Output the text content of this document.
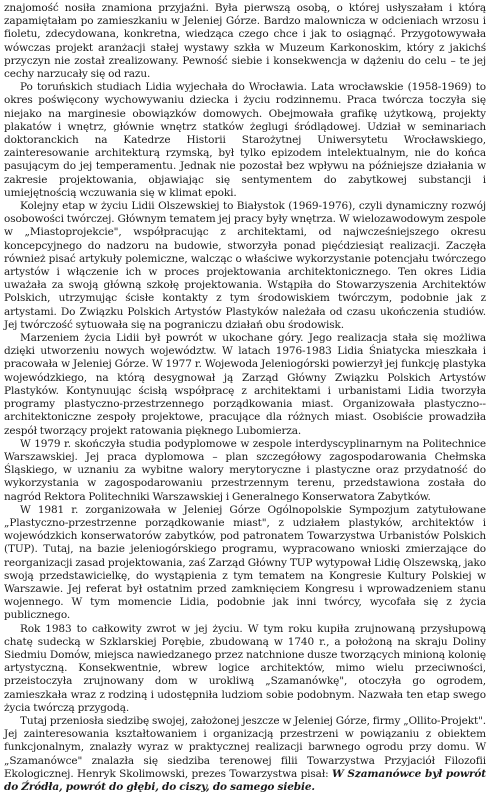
znajomość nosiła znamiona przyjaźni. Była pierwszą osobą, o której usłyszałam i którą zapamiętałam po zamieszkaniu w Jeleniej Górze. Bardzo malownicza w odcieniach wrzosu i fioletu, zdecydowana, konkretna, wiedząca czego chce i jak to osiągnąć. Przygotowywała wówczas projekt aranżacji stałej wystawy szkła w Muzeum Karkonoskim, który z jakichś przyczyn nie został zrealizowany. Pewność siebie i konsekwencja w dążeniu do celu – te jej cechy narzucały się od razu.

Po toruńskich studiach Lidia wyjechała do Wrocławia. Lata wrocławskie (1958-1969) to okres poświęcony wychowywaniu dziecka i życiu rodzinnemu. Praca twórcza toczyła się niejako na marginesie obowiązków domowych. Obejmowała grafikę użytkową, projekty plakatów i wnętrz, głównie wnętrz statków żeglugi śródlądowej. Udział w seminariach doktoranckich na Katedrze Historii Starożytnej Uniwersytetu Wrocławskiego, zainteresowanie architekturą rzymską, był tylko epizodem intelektualnym, nie do końca pasującym do jej temperamentu. Jednak nie pozostał bez wpływu na późniejsze działania w zakresie projektowania, objawiając się sentymentem do zabytkowej substancji i umiejętnością wczuwania się w klimat epoki.

Kolejny etap w życiu Lidii Olszewskiej to Białystok (1969-1976), czyli dynamiczny rozwój osobowości twórczej. Głównym tematem jej pracy były wnętrza. W wielozawodowym zespole w „Miastoprojekcie", współpracując z architektami, od najwcześniejszego okresu koncepcyjnego do nadzoru na budowie, stworzyła ponad pięćdziesiąt realizacji. Zaczęła również pisać artykuły polemiczne, walcząc o właściwe wykorzystanie potencjału twórczego artystów i włączenie ich w proces projektowania architektonicznego. Ten okres Lidia uważała za swoją główną szkołę projektowania. Wstąpiła do Stowarzyszenia Architektów Polskich, utrzymując ścisłe kontakty z tym środowiskiem twórczym, podobnie jak z artystami. Do Związku Polskich Artystów Plastyków należała od czasu ukończenia studiów. Jej twórczość sytuowała się na pograniczu działań obu środowisk.

Marzeniem życia Lidii był powrót w ukochane góry. Jego realizacja stała się możliwa dzięki utworzeniu nowych województw. W latach 1976-1983 Lidia Śniatycka mieszkała i pracowała w Jeleniej Górze. W 1977 r. Wojewoda Jeleniogórski powierzył jej funkcję plastyka wojewódzkiego, na którą desygnował ją Zarząd Główny Związku Polskich Artystów Plastyków. Kontynuując ścisłą współpracę z architektami i urbanistami Lidia tworzyła programy plastyczno-przestrzennego porządkowania miast. Organizowała plastyczno--architektoniczne zespoły projektowe, pracujące dla różnych miast. Osobiście prowadziła zespół tworzący projekt ratowania pięknego Lubomierza.

W 1979 r. skończyła studia podyplomowe w zespole interdyscyplinarnym na Politechnice Warszawskiej. Jej praca dyplomowa – plan szczegółowy zagospodarowania Chełmska Śląskiego, w uznaniu za wybitne walory merytoryczne i plastyczne oraz przydatność do wykorzystania w zagospodarowaniu przestrzennym terenu, przedstawiona została do nagród Rektora Politechniki Warszawskiej i Generalnego Konserwatora Zabytków.

W 1981 r. zorganizowała w Jeleniej Górze Ogólnopolskie Sympozjum zatytułowane „Plastyczno-przestrzenne porządkowanie miast", z udziałem plastyków, architektów i wojewódzkich konserwatorów zabytków, pod patronatem Towarzystwa Urbanistów Polskich (TUP). Tutaj, na bazie jeleniogórskiego programu, wypracowano wnioski zmierzające do reorganizacji zasad projektowania, zaś Zarząd Główny TUP wytypował Lidię Olszewską, jako swoją przedstawicielkę, do wystąpienia z tym tematem na Kongresie Kultury Polskiej w Warszawie. Jej referat był ostatnim przed zamknięciem Kongresu i wprowadzeniem stanu wojennego. W tym momencie Lidia, podobnie jak inni twórcy, wycofała się z życia publicznego.

Rok 1983 to całkowity zwrot w jej życiu. W tym roku kupiła zrujnowaną przysłupową chatę sudecką w Szklarskiej Porębie, zbudowaną w 1740 r., a położoną na skraju Doliny Siedmiu Domów, miejsca nawiedzanego przez natchnione dusze tworzących minioną kolonię artystyczną. Konsekwentnie, wbrew logice architektów, mimo wielu przeciwności, przeistoczyła zrujnowany dom w urokliwą „Szamanówkę", otoczyła go ogrodem, zamieszkała wraz z rodziną i udostępniła ludziom sobie podobnym. Nazwała ten etap swego życia twórczą przygodą.

Tutaj przeniosła siedzibę swojej, założonej jeszcze w Jeleniej Górze, firmy „Ollito-Projekt". Jej zainteresowania kształtowaniem i organizacją przestrzeni w powiązaniu z obiektem funkcjonalnym, znalazły wyraz w praktycznej realizacji barwnego ogrodu przy domu. W „Szamanówce" znalazła się siedziba terenowej filii Towarzystwa Przyjaciół Filozofii Ekologicznej. Henryk Skolimowski, prezes Towarzystwa pisał: W Szamanówce był powrót do Źródła, powrót do głębi, do ciszy, do samego siebie.
